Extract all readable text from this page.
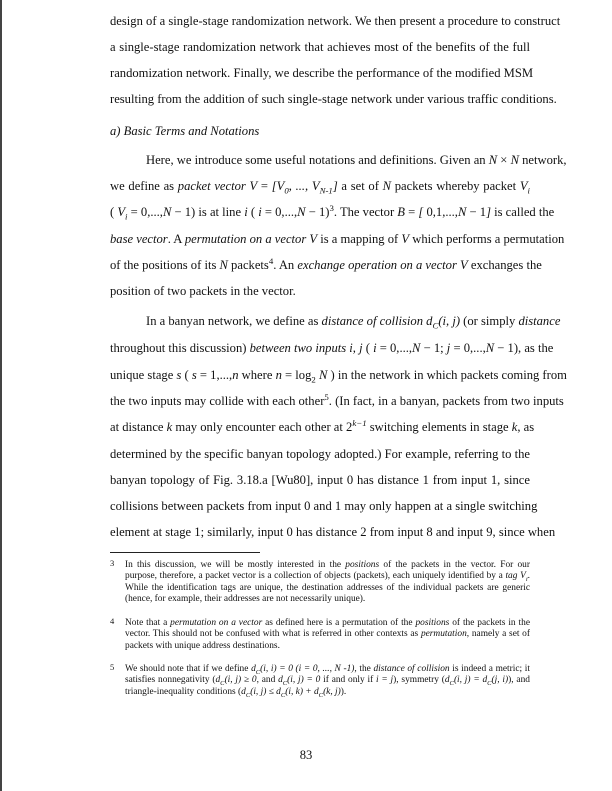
design of a single-stage randomization network. We then present a procedure to construct
a single-stage randomization network that achieves most of the benefits of the full
randomization network. Finally, we describe the performance of the modified MSM
resulting from the addition of such single-stage network under various traffic conditions.
a) Basic Terms and Notations
Here, we introduce some useful notations and definitions. Given an N × N network,
we define as packet vector $V = [V_0$, ..., $V_{N-1}$] a set of N packets whereby packet $V_i$
( $V_i = 0,...,N - 1$) is at line i ( i = 0,...,N − 1)$^3$. The vector B = [ 0,1,...,N − 1] is called the
base vector. A permutation on a vector V is a mapping of V which performs a permutation
of the positions of its N packets$^4$. An exchange operation on a vector V exchanges the
position of two packets in the vector.
In a banyan network, we define as distance of collision $d_C(i$, j) (or simply distance
throughout this discussion) between two inputs i, j ( i = 0,...,N − 1; j = 0,...,N − 1), as the
unique stage s ( s = 1,...,n where $n = \log_2 N$ ) in the network in which packets coming from
the two inputs may collide with each other$^5$. (In fact, in a banyan, packets from two inputs
at distance k may only encounter each other at $2^{k-1}$ switching elements in stage k, as
determined by the specific banyan topology adopted.) For example, referring to the
banyan topology of Fig. 3.18.a [Wu80], input 0 has distance 1 from input 1, since
collisions between packets from input 0 and 1 may only happen at a single switching
element at stage 1; similarly, input 0 has distance 2 from input 8 and input 9, since when
3 In this discussion, we will be mostly interested in the positions of the packets in the vector. For our purpose, therefore, a packet vector is a collection of objects (packets), each uniquely identified by a tag $V_i$. While the identification tags are unique, the destination addresses of the individual packets are generic (hence, for example, their addresses are not necessarily unique).
4 Note that a permutation on a vector as defined here is a permutation of the positions of the packets in the vector. This should not be confused with what is referred in other contexts as permutation, namely a set of packets with unique address destinations.
5 We should note that if we define $d_C(i$, i) = 0 (i = 0, ..., N -1), the distance of collision is indeed a metric; it satisfies nonnegativity ($d_C(i$, j) ≥ 0, and $d_C(i$, j) = 0 if and only if i = j), symmetry ($d_C(i$, $j) = d_C(j$, i)), and triangle-inequality conditions ($d_C(i$, $j) \le d_C(i$, $k) + d_C(k$, j)).
83
